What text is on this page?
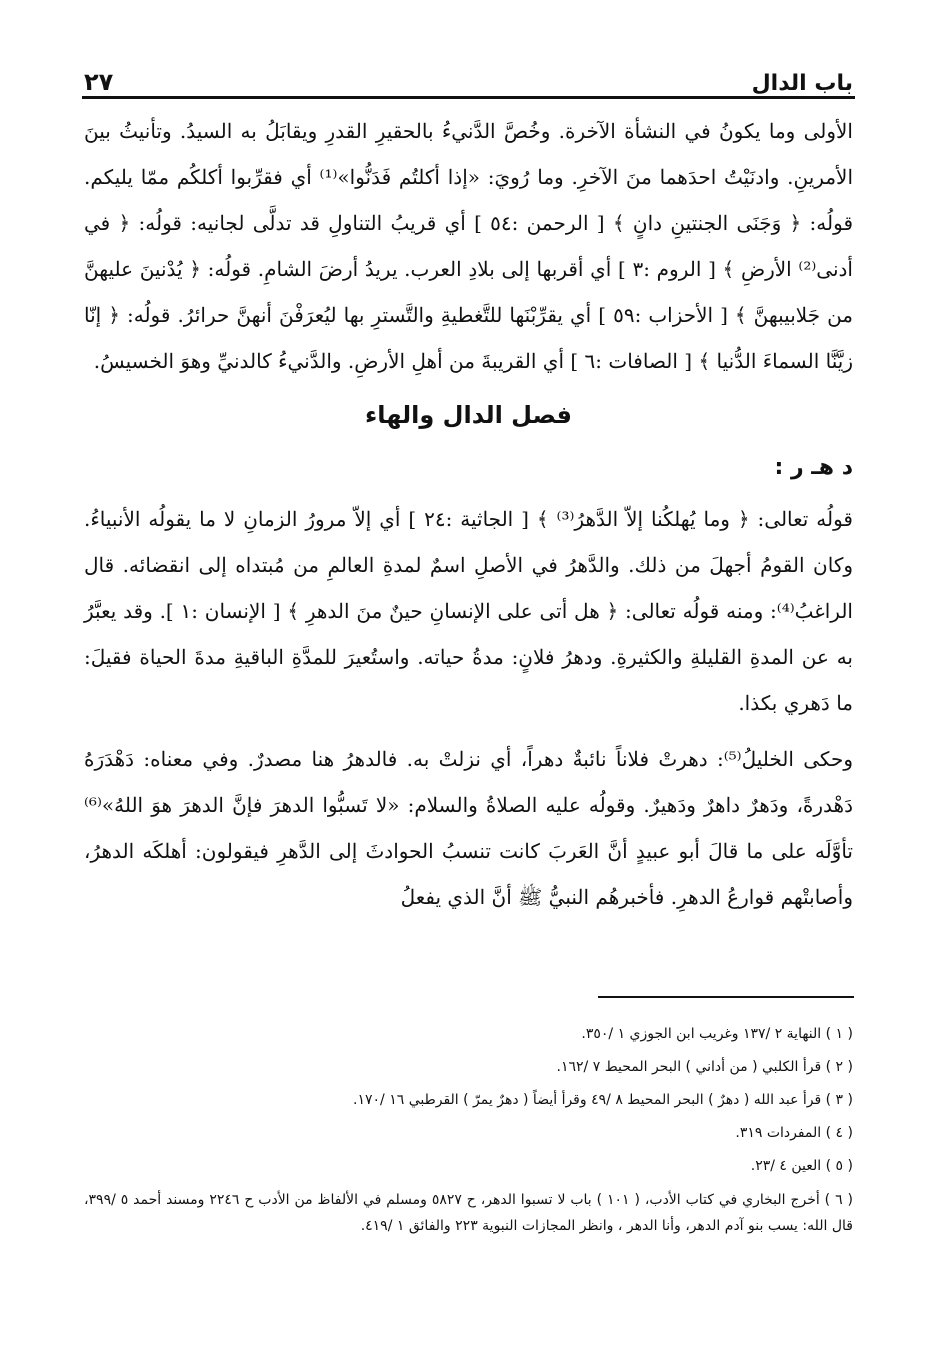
٢٧	باب الدال

الأولى وما يكونُ في النشأة الآخرة. وخُصَّ الدَّنيءُ بالحقيرِ القدرِ ويقابَلُ به السيدُ. وتأنيثُ بينَ الأمرينِ. وادنَيْتُ احدَهما منَ الآخرِ. وما رُويَ: «إذا أكلتُم فَدَنُّوا»⁽¹⁾ أي فقرِّبوا أكلكُم ممّا يليكم. قولُه: ﴿ وَجَنَى الجنتينِ دانٍ ﴾ [ الرحمن :٥٤ ] أي قريبُ التناولِ قد تدلَّى لجانيه: قولُه: ﴿ في أدنى⁽²⁾ الأرضِ ﴾ [ الروم :٣ ] أي أقربها إلى بلادِ العرب. يريدُ أرضَ الشامِ. قولُه: ﴿ يُدْنينَ عليهنَّ من جَلابيبهنَّ ﴾ [ الأحزاب :٥٩ ] أي يقرِّبْنَها للتَّغطيةِ والتَّسترِ بها ليُعرَفْنَ أنهنَّ حرائرُ. قولُه: ﴿ إنّا زيَّنَّا السماءَ الدُّنيا ﴾ [ الصافات :٦ ] أي القريبةَ من أهلِ الأرضِ. والدَّنيءُ كالدنيِّ وهوَ الخسيسُ.

فصل الدال والهاء
د هـ ر :

قولُه تعالى: ﴿ وما يُهلكُنا إلاّ الدَّهرُ⁽³⁾ ﴾ [ الجاثية :٢٤ ] أي إلاّ مرورُ الزمانِ لا ما يقولُه الأنبياءُ. وكان القومُ أجهلَ من ذلك. والدَّهرُ في الأصلِ اسمٌ لمدةِ العالمِ من مُبتداه إلى انقضائه. قال الراغبُ⁽⁴⁾: ومنه قولُه تعالى: ﴿ هل أتى على الإنسانِ حينٌ منَ الدهرِ ﴾ [ الإنسان :١ ]. وقد يعبَّرُ به عن المدةِ القليلةِ والكثيرةِ. ودهرُ فلانٍ: مدةُ حياته. واستُعيرَ للمدَّةِ الباقيةِ مدةَ الحياة فقيلَ: ما دَهري بكذا.

وحكى الخليلُ⁽⁵⁾: دهرتْ فلاناً نائبةٌ دهراً، أي نزلتْ به. فالدهرُ هنا مصدرٌ. وفي معناه: دَهْدَرَهُ دَهْدرةً، ودَهرٌ داهرٌ ودَهيرٌ. وقولُه عليه الصلاةُ والسلام: «لا تَسبُّوا الدهرَ فإنَّ الدهرَ هوَ اللهُ»⁽⁶⁾ تأوَّلَه على ما قالَ أبو عبيدٍ أنَّ العَربَ كانت تنسبُ الحوادثَ إلى الدَّهرِ فيقولون: أهلكَه الدهرُ، وأصابتْهم قوارعُ الدهرِ. فأخبرهُم النبيُّ ﷺ أنَّ الذي يفعلُ

( ١ ) النهاية ٢ /١٣٧ وغريب ابن الجوزي ١ /٣٥٠.
( ٢ ) قرأ الكلبي ( من أداني ) البحر المحيط ٧ /١٦٢.
( ٣ ) قرأ عبد الله ( دهرٌ ) البحر المحيط ٨ /٤٩ وقرأ أيضاً ( دهرٌ يمرّ ) القرطبي ١٦ /١٧٠.
( ٤ ) المفردات ٣١٩.
( ٥ ) العين ٤ /٢٣.
( ٦ ) أخرج البخاري في كتاب الأدب، ( ١٠١ ) باب لا تسبوا الدهر، ح ٥٨٢٧ ومسلم في الألفاظ من الأدب ح ٢٢٤٦ ومسند أحمد ٥ /٣٩٩، قال الله: يسب بنو آدم الدهر، وأنا الدهر ، وانظر المجازات النبوية ٢٢٣ والفائق ١ /٤١٩.
